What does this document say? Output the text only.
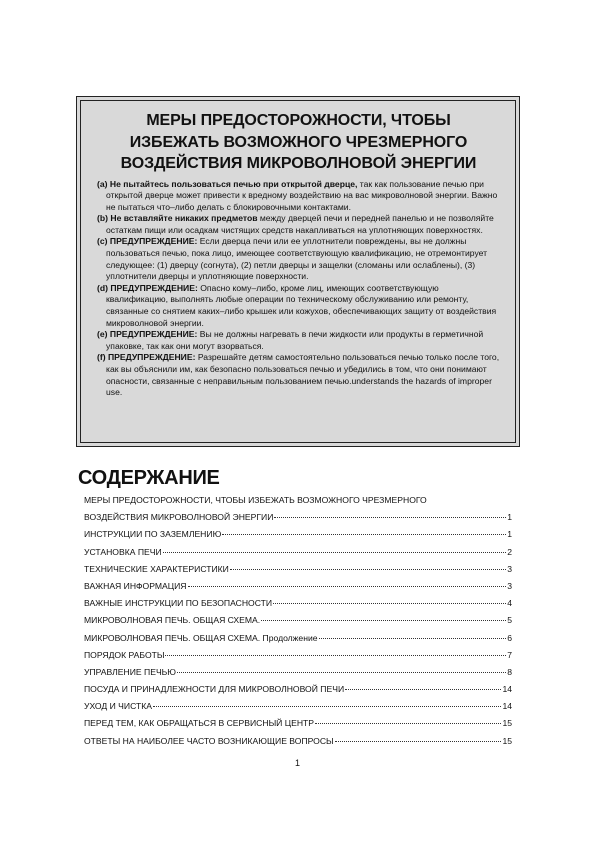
МЕРЫ ПРЕДОСТОРОЖНОСТИ, ЧТОБЫ
ИЗБЕЖАТЬ ВОЗМОЖНОГО ЧРЕЗМЕРНОГО
ВОЗДЕЙСТВИЯ МИКРОВОЛНОВОЙ ЭНЕРГИИ
(a) Не пытайтесь пользоваться печью при открытой дверце, так как пользование печью при открытой дверце может привести к вредному воздействию на вас микроволновой энергии. Важно не пытаться что–либо делать с блокировочными контактами.
(b) Не вставляйте никаких предметов между дверцей печи и передней панелью и не позволяйте остаткам пищи или осадкам чистящих средств накапливаться на уплотняющих поверхностях.
(c) ПРЕДУПРЕЖДЕНИЕ: Если дверца печи или ее уплотнители повреждены, вы не должны пользоваться печью, пока лицо, имеющее соответствующую квалификацию, не отремонтирует следующее: (1) дверцу (согнута), (2) петли дверцы и защелки (сломаны или ослаблены), (3) уплотнители дверцы и уплотняющие поверхности.
(d) ПРЕДУПРЕЖДЕНИЕ: Опасно кому–либо, кроме лиц, имеющих соответствующую квалификацию, выполнять любые операции по техническому обслуживанию или ремонту, связанные со снятием каких–либо крышек или кожухов, обеспечивающих защиту от воздействия микроволновой энергии.
(e) ПРЕДУПРЕЖДЕНИЕ: Вы не должны нагревать в печи жидкости или продукты в герметичной упаковке, так как они могут взорваться.
(f) ПРЕДУПРЕЖДЕНИЕ: Разрешайте детям самостоятельно пользоваться печью только после того, как вы объяснили им, как безопасно пользоваться печью и убедились в том, что они понимают опасности, связанные с неправильным пользованием печью.understands the hazards of improper use.
СОДЕРЖАНИЕ
МЕРЫ ПРЕДОСТОРОЖНОСТИ, ЧТОБЫ ИЗБЕЖАТЬ ВОЗМОЖНОГО ЧРЕЗМЕРНОГО
ВОЗДЕЙСТВИЯ МИКРОВОЛНОВОЙ ЭНЕРГИИ	1
ИНСТРУКЦИИ ПО ЗАЗЕМЛЕНИЮ	1
УСТАНОВКА ПЕЧИ	2
ТЕХНИЧЕСКИЕ ХАРАКТЕРИСТИКИ	3
ВАЖНАЯ ИНФОРМАЦИЯ	3
ВАЖНЫЕ ИНСТРУКЦИИ ПО БЕЗОПАСНОСТИ	4
МИКРОВОЛНОВАЯ ПЕЧЬ. ОБЩАЯ СХЕМА.	5
МИКРОВОЛНОВАЯ ПЕЧЬ. ОБЩАЯ СХЕМА. Продолжение	6
ПОРЯДОК РАБОТЫ	7
УПРАВЛЕНИЕ ПЕЧЬЮ	8
ПОСУДА И ПРИНАДЛЕЖНОСТИ ДЛЯ МИКРОВОЛНОВОЙ ПЕЧИ	14
УХОД И ЧИСТКА	14
ПЕРЕД ТЕМ, КАК ОБРАЩАТЬСЯ В СЕРВИСНЫЙ ЦЕНТР	15
ОТВЕТЫ НА НАИБОЛЕЕ ЧАСТО ВОЗНИКАЮЩИЕ ВОПРОСЫ	15
1
